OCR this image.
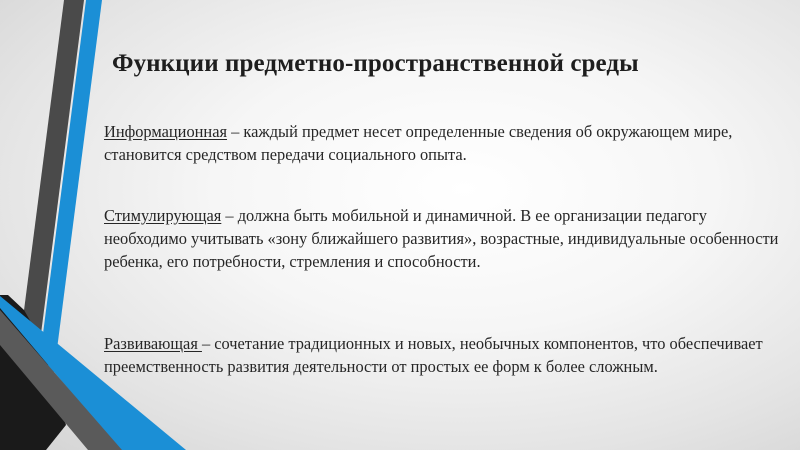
Функции предметно-пространственной среды

Информационная – каждый предмет несет определенные сведения об окружающем мире, становится средством передачи социального опыта.

Стимулирующая – должна быть мобильной и динамичной. В ее организации педагогу необходимо учитывать «зону ближайшего развития», возрастные, индивидуальные особенности ребенка, его потребности, стремления и способности.

Развивающая – сочетание традиционных и новых, необычных компонентов, что обеспечивает преемственность развития деятельности от простых ее форм к более сложным.
